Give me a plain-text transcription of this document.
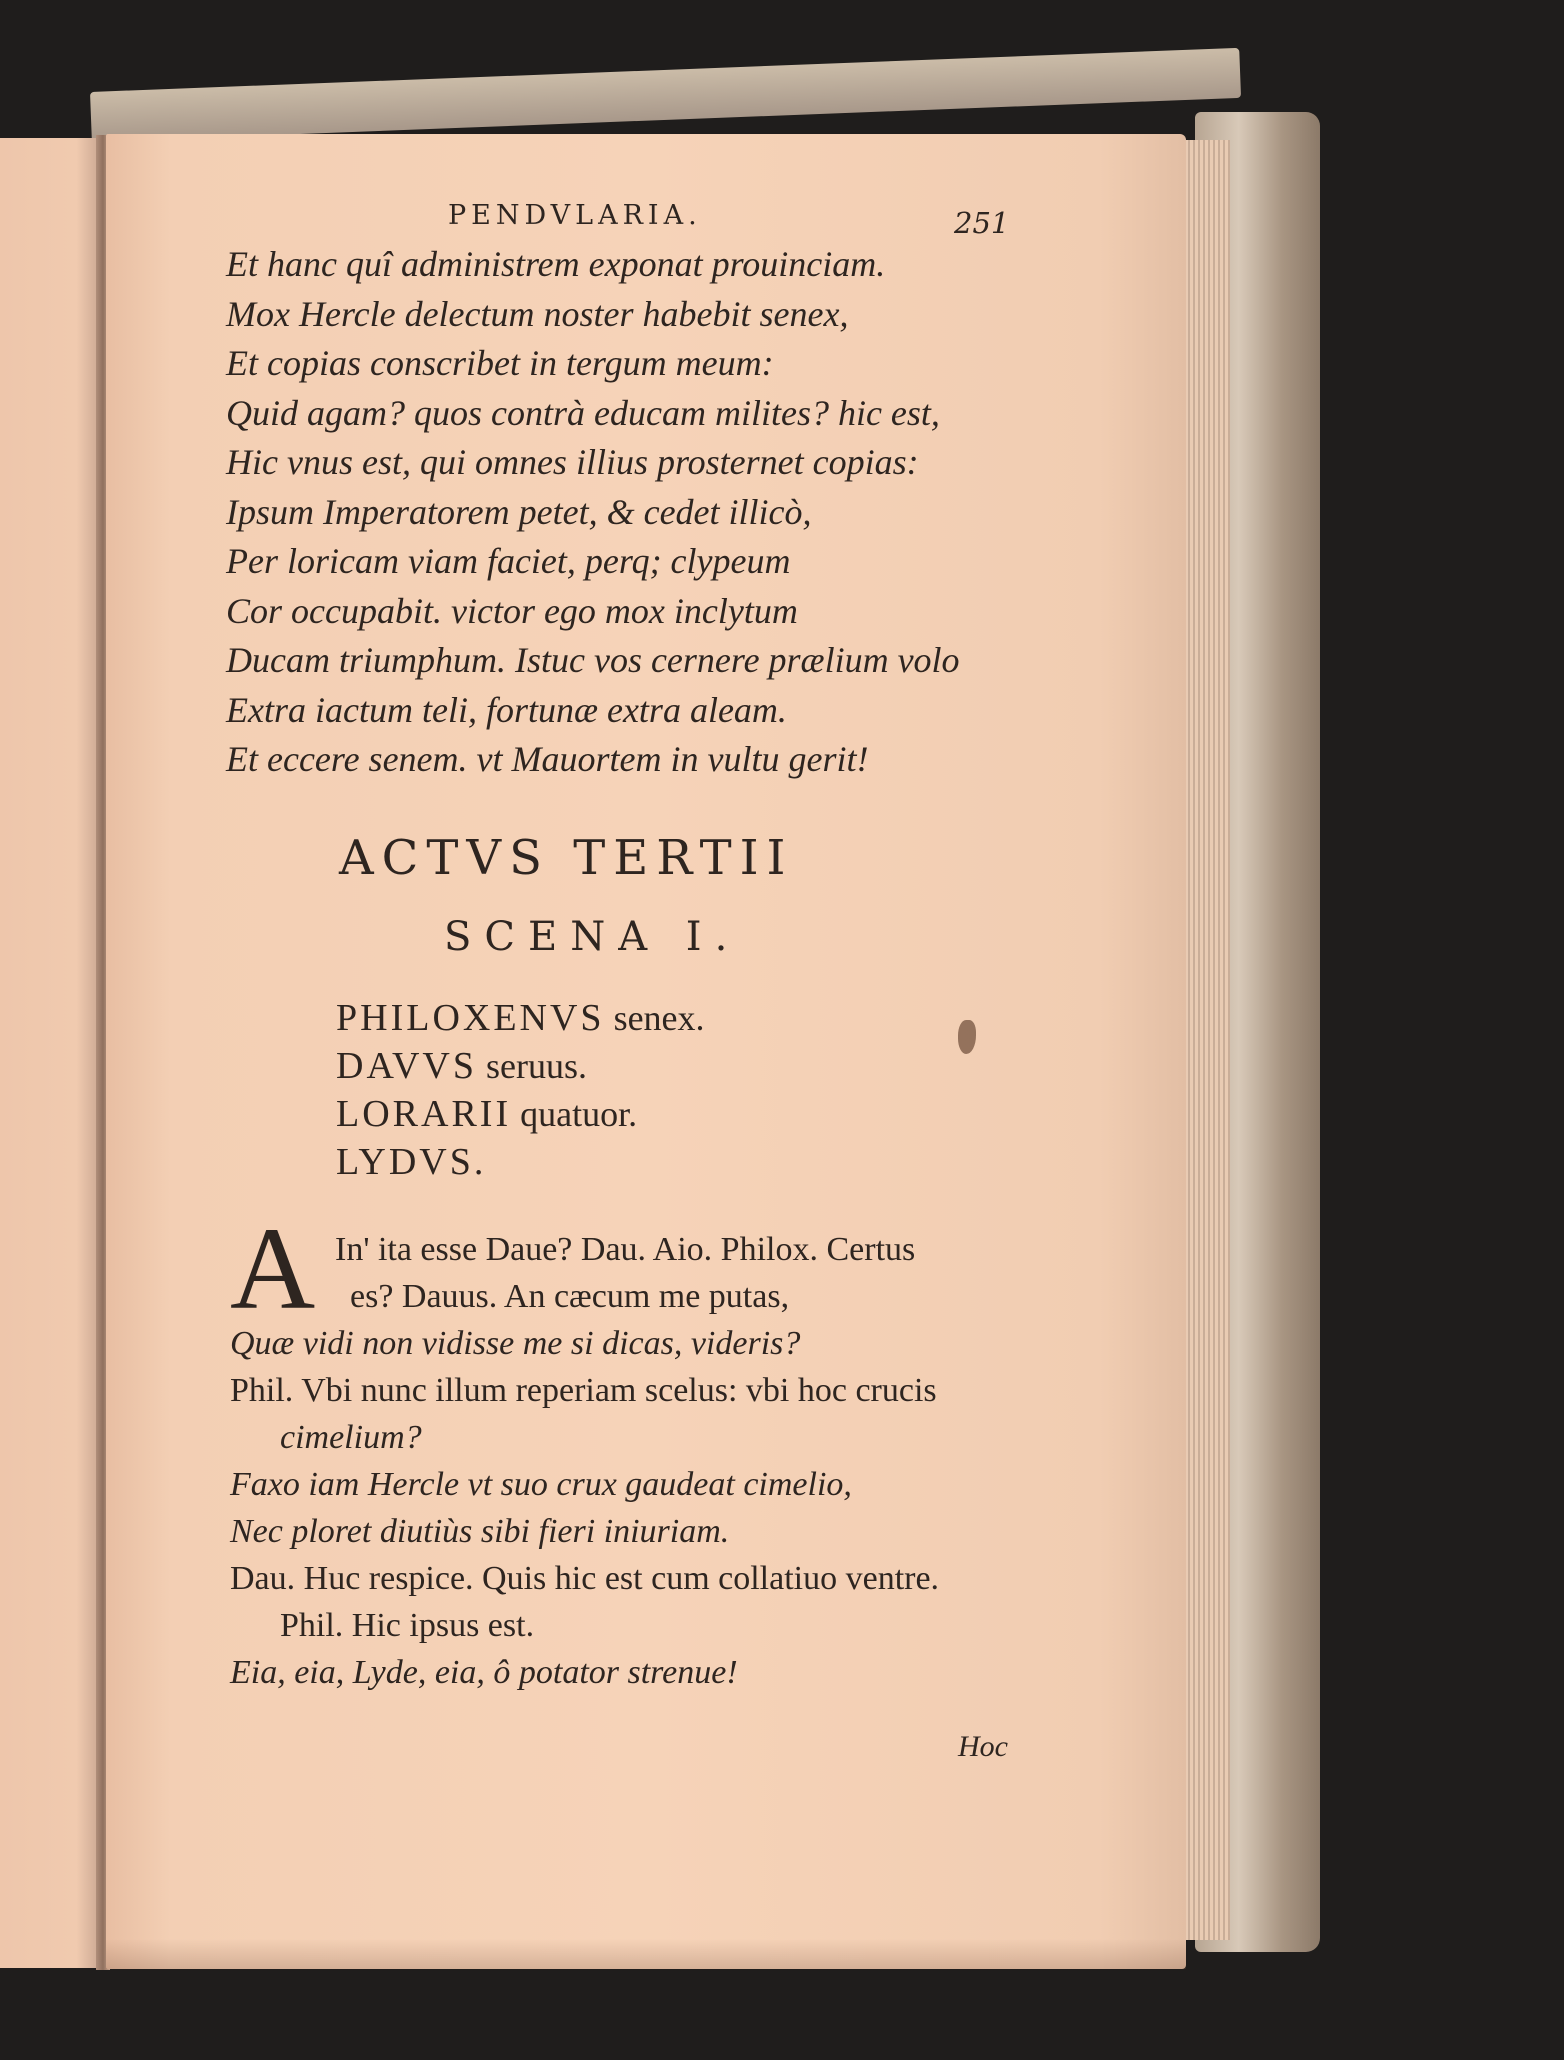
PENDVLARIA.	251
Et hanc quî administrem exponat prouinciam.
Mox Hercle delectum noster habebit senex,
Et copias conscribet in tergum meum:
Quid agam? quos contrà educam milites? hic est,
Hic vnus est, qui omnes illius prosternet copias:
Ipsum Imperatorem petet, & cedet illicò,
Per loricam viam faciet, perq; clypeum
Cor occupabit. victor ego mox inclytum
Ducam triumphum. Istuc vos cernere prælium volo
Extra iactum teli, fortunæ extra aleam.
Et eccere senem. vt Mauortem in vultu gerit!
ACTVS TERTII
SCENA I.
PHILOXENVS senex.
DAVVS seruus.
LORARII quatuor.
LYDVS.
A In' ita esse Daue? Dau. Aio. Philox. Certus
es? Dauus. An cæcum me putas,
Quæ vidi non vidisse me si dicas, videris?
Phil. Vbi nunc illum reperiam scelus: vbi hoc crucis
cimelium?
Faxo iam Hercle vt suo crux gaudeat cimelio,
Nec ploret diutiùs sibi fieri iniuriam.
Dau. Huc respice. Quis hic est cum collatiuo ventre.
Phil. Hic ipsus est.
Eia, eia, Lyde, eia, ô potator strenue!
Hoc
